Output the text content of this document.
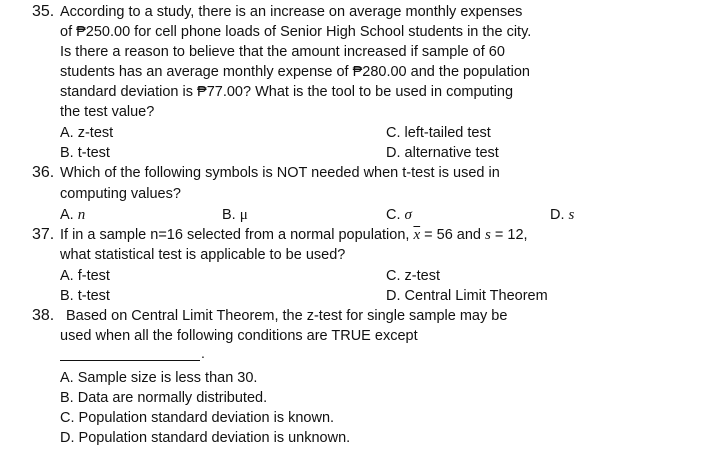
35. According to a study, there is an increase on average monthly expenses
of ₱250.00 for cell phone loads of Senior High School students in the city.
Is there a reason to believe that the amount increased if sample of 60
students has an average monthly expense of ₱280.00 and the population
standard deviation is ₱77.00? What is the tool to be used in computing
the test value?
A. z-test	C. left-tailed test
B. t-test	D. alternative test
36. Which of the following symbols is NOT needed when t-test is used in
computing values?
A. n	B. μ	C. σ	D. s
37. If in a sample n=16 selected from a normal population, $\overline{x} = 56$ and s = 12,
what statistical test is applicable to be used?
A. f-test	C. z-test
B. t-test	D. Central Limit Theorem
38. Based on Central Limit Theorem, the z-test for single sample may be
used when all the following conditions are TRUE except
.
A. Sample size is less than 30.
B. Data are normally distributed.
C. Population standard deviation is known.
D. Population standard deviation is unknown.
